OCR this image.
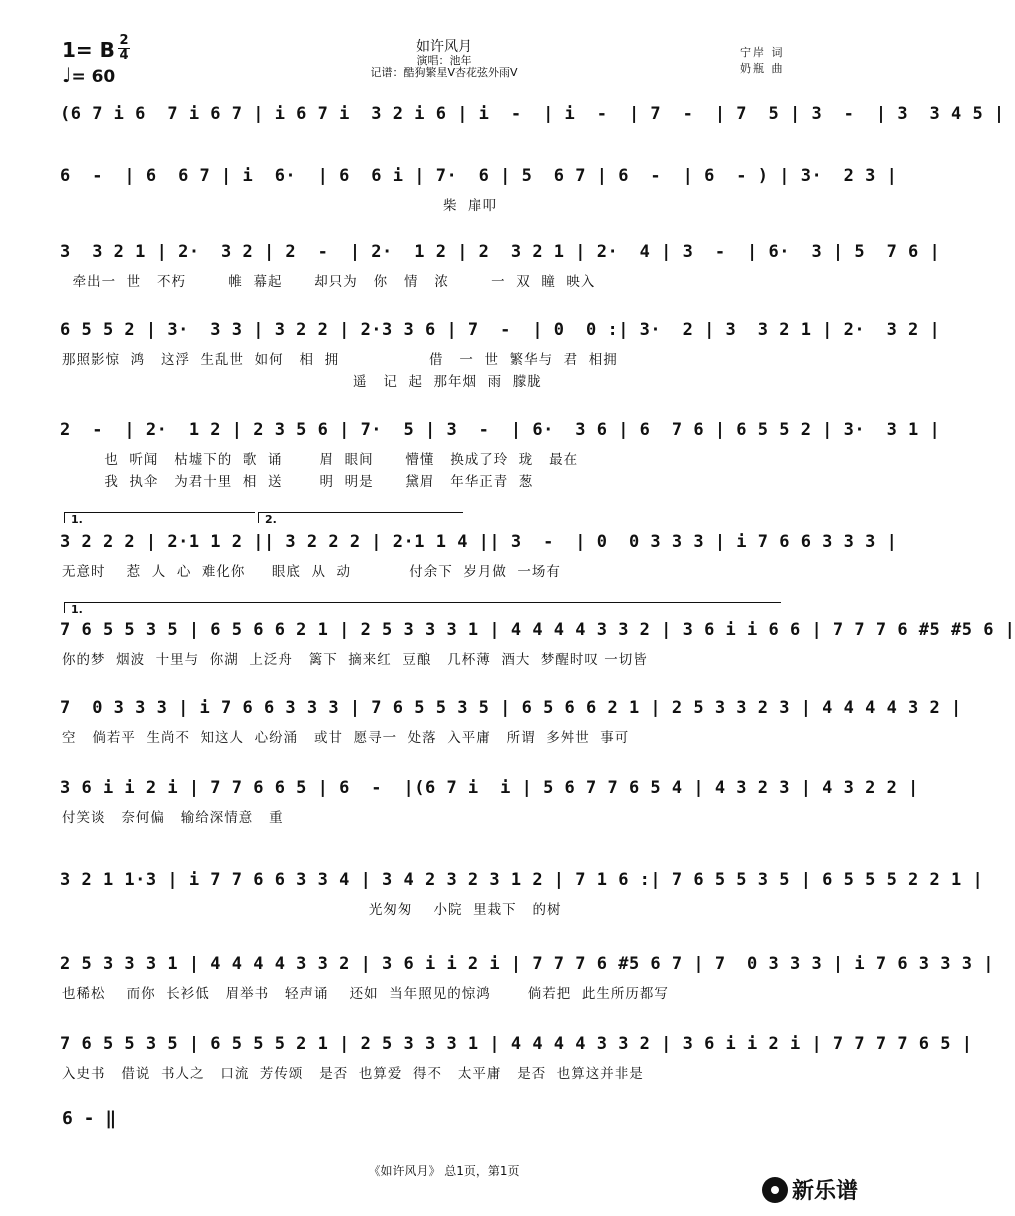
1= B 2
4
♩= 60
如许风月
演唱：池年
记谱：酷狗繁星V杏花弦外雨V
宁岸 词
奶瓶 曲
(6 7 i 6  7 i 6 7 | i 6 7 i  3 2 i 6 | i  -  | i  -  | 7  -  | 7  5 | 3  -  | 3  3 4 5 |
6  -  | 6  6 7 | i  6·  | 6  6 i | 7·  6 | 5  6 7 | 6  -  | 6  - ) | 3·  2 3 |
柴  扉叩
3  3 2 1 | 2·  3 2 | 2  -  | 2·  1 2 | 2  3 2 1 | 2·  4 | 3  -  | 6·  3 | 5  7 6 |
牵出一  世   不朽        帷  幕起      却只为   你   情   浓        一  双  瞳  映入
6 5 5 2 | 3·  3 3 | 3 2 2 | 2·3 3 6 | 7  -  | 0  0 :| 3·  2 | 3  3 2 1 | 2·  3 2 |
那照影惊  鸿   这浮  生乱世  如何   相  拥                 借   一  世  繁华与  君  相拥
遥   记  起  那年烟  雨  朦胧
2  -  | 2·  1 2 | 2 3 5 6 | 7·  5 | 3  -  | 6·  3 6 | 6  7 6 | 6 5 5 2 | 3·  3 1 |
也  听闻   枯墟下的  歌  诵       眉  眼间      懵懂   换成了玲  珑   最在
我  执伞   为君十里  相  送       明  明是      黛眉   年华正青  葱
1.	2.
3 2 2 2 | 2·1 1 2 || 3 2 2 2 | 2·1 1 4 || 3  -  | 0  0 3 3 3 | i 7 6 6 3 3 3 |
无意时    惹  人  心  难化你     眼底  从  动           付余下  岁月做  一场有
1.
7 6 5 5 3 5 | 6 5 6 6 2 1 | 2 5 3 3 3 1 | 4 4 4 4 3 3 2 | 3 6 i i 6 6 | 7 7 7 6 #5 #5 6 |
你的梦  烟波  十里与  你湖  上泛舟   篱下  摘来红  豆酿   几杯薄  酒大  梦醒时叹 一切皆
7  0 3 3 3 | i 7 6 6 3 3 3 | 7 6 5 5 3 5 | 6 5 6 6 2 1 | 2 5 3 3 2 3 | 4 4 4 4 3 2 |
空   倘若平  生尚不  知这人  心纷涌   或甘  愿寻一  处落  入平庸   所谓  多舛世  事可
3 6 i i 2 i | 7 7 6 6 5 | 6  -  |(6 7 i  i | 5 6 7 7 6 5 4 | 4 3 2 3 | 4 3 2 2 |
付笑谈   奈何偏   输给深情意   重
3 2 1 1·3 | i 7 7 6 6 3 3 4 | 3 4 2 3 2 3 1 2 | 7 1 6 :| 7 6 5 5 3 5 | 6 5 5 5 2 2 1 |
光匆匆    小院  里栽下   的树
2 5 3 3 3 1 | 4 4 4 4 3 3 2 | 3 6 i i 2 i | 7 7 7 6 #5 6 7 | 7  0 3 3 3 | i 7 6 3 3 3 |
也稀松    而你  长衫低   眉举书   轻声诵    还如  当年照见的惊鸿       倘若把  此生所历都写
7 6 5 5 3 5 | 6 5 5 5 2 1 | 2 5 3 3 3 1 | 4 4 4 4 3 3 2 | 3 6 i i 2 i | 7 7 7 7 6 5 |
入史书   借说  书人之   口流  芳传颂   是否  也算爱  得不   太平庸   是否  也算这并非是
6 - ‖
《如许风月》 总1页，第1页
新乐谱
